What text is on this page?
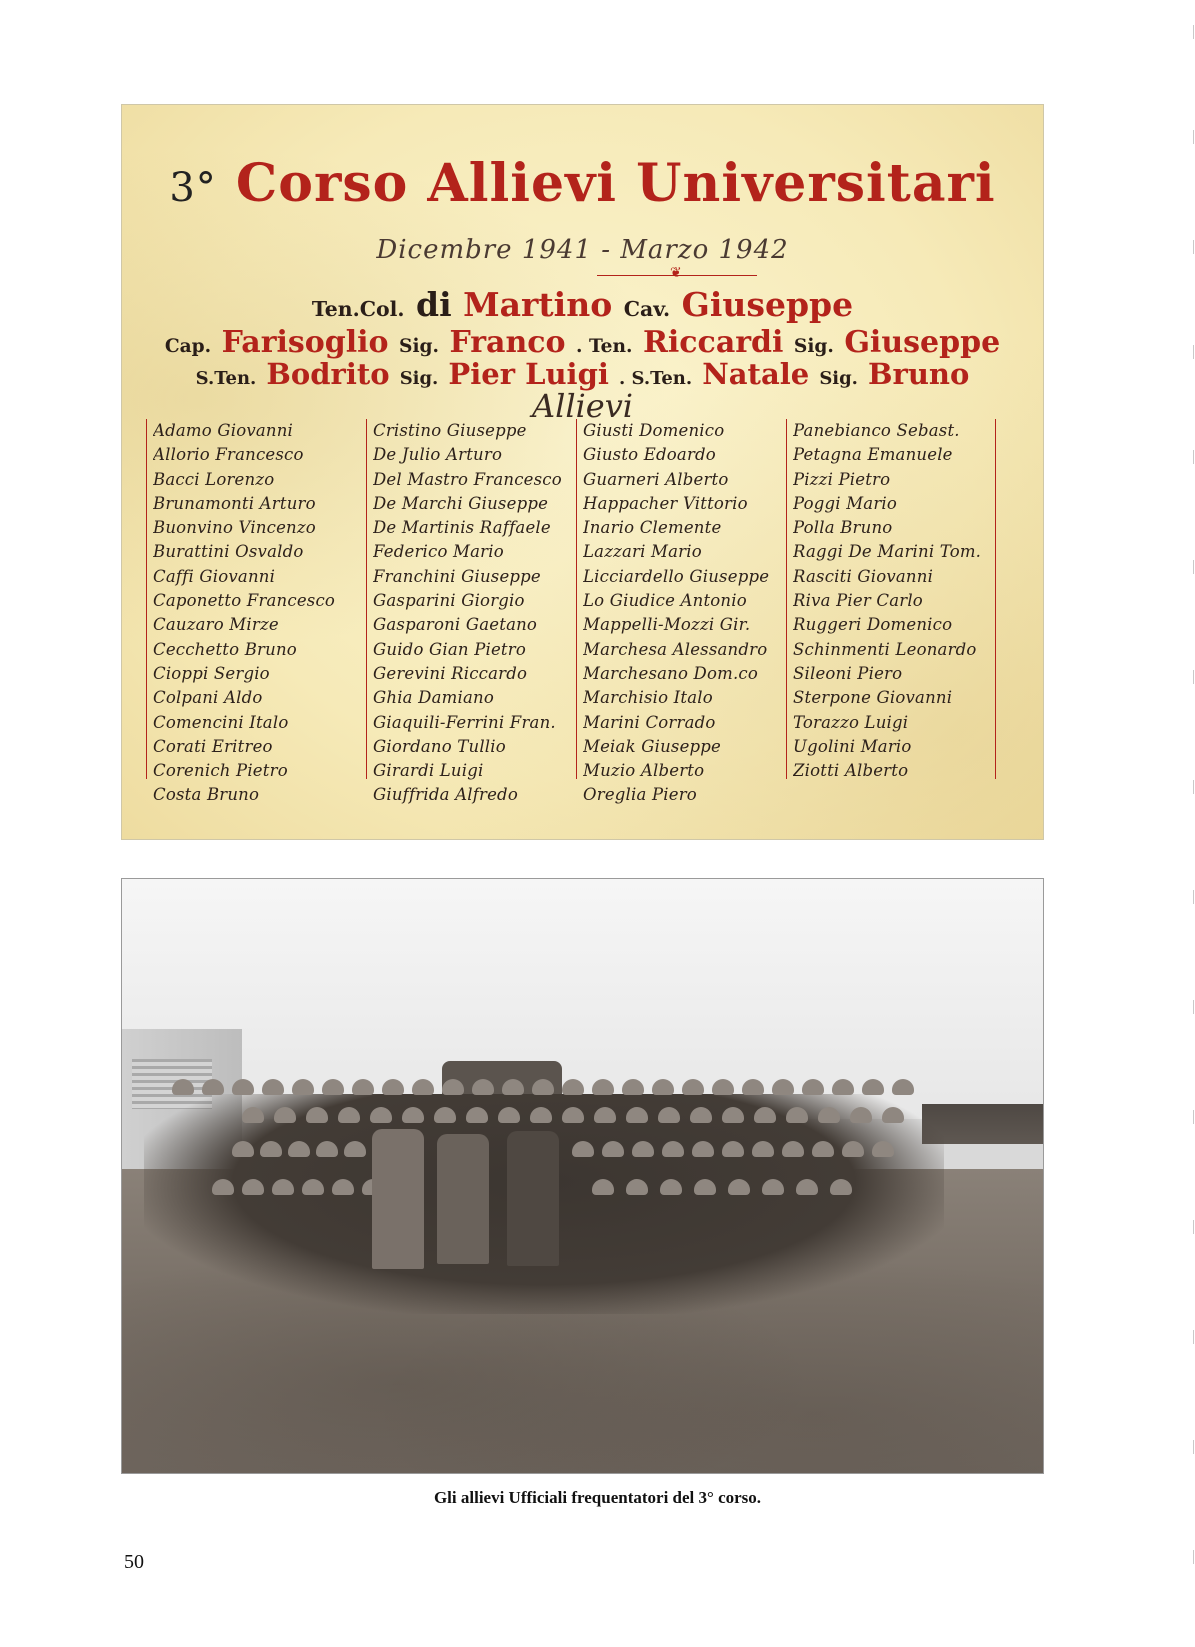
3° Corso Allievi Universitari
Dicembre 1941 - Marzo 1942
❦
Ten.Col. di Martino Cav. Giuseppe
Cap. Farisoglio Sig. Franco . Ten. Riccardi Sig. Giuseppe
S.Ten. Bodrito Sig. Pier Luigi . S.Ten. Natale Sig. Bruno
Allievi
Adamo Giovanni
Allorio Francesco
Bacci Lorenzo
Brunamonti Arturo
Buonvino Vincenzo
Burattini Osvaldo
Caffi Giovanni
Caponetto Francesco
Cauzaro Mirze
Cecchetto Bruno
Cioppi Sergio
Colpani Aldo
Comencini Italo
Corati Eritreo
Corenich Pietro
Costa Bruno
Cristino Giuseppe
De Julio Arturo
Del Mastro Francesco
De Marchi Giuseppe
De Martinis Raffaele
Federico Mario
Franchini Giuseppe
Gasparini Giorgio
Gasparoni Gaetano
Guido Gian Pietro
Gerevini Riccardo
Ghia Damiano
Giaquili-Ferrini Fran.
Giordano Tullio
Girardi Luigi
Giuffrida Alfredo
Giusti Domenico
Giusto Edoardo
Guarneri Alberto
Happacher Vittorio
Inario Clemente
Lazzari Mario
Licciardello Giuseppe
Lo Giudice Antonio
Mappelli-Mozzi Gir.
Marchesa Alessandro
Marchesano Dom.co
Marchisio Italo
Marini Corrado
Meiak Giuseppe
Muzio Alberto
Oreglia Piero
Panebianco Sebast.
Petagna Emanuele
Pizzi Pietro
Poggi Mario
Polla Bruno
Raggi De Marini Tom.
Rasciti Giovanni
Riva Pier Carlo
Ruggeri Domenico
Schinmenti Leonardo
Sileoni Piero
Sterpone Giovanni
Torazzo Luigi
Ugolini Mario
Ziotti Alberto
Gli allievi Ufficiali frequentatori del 3° corso.
50
